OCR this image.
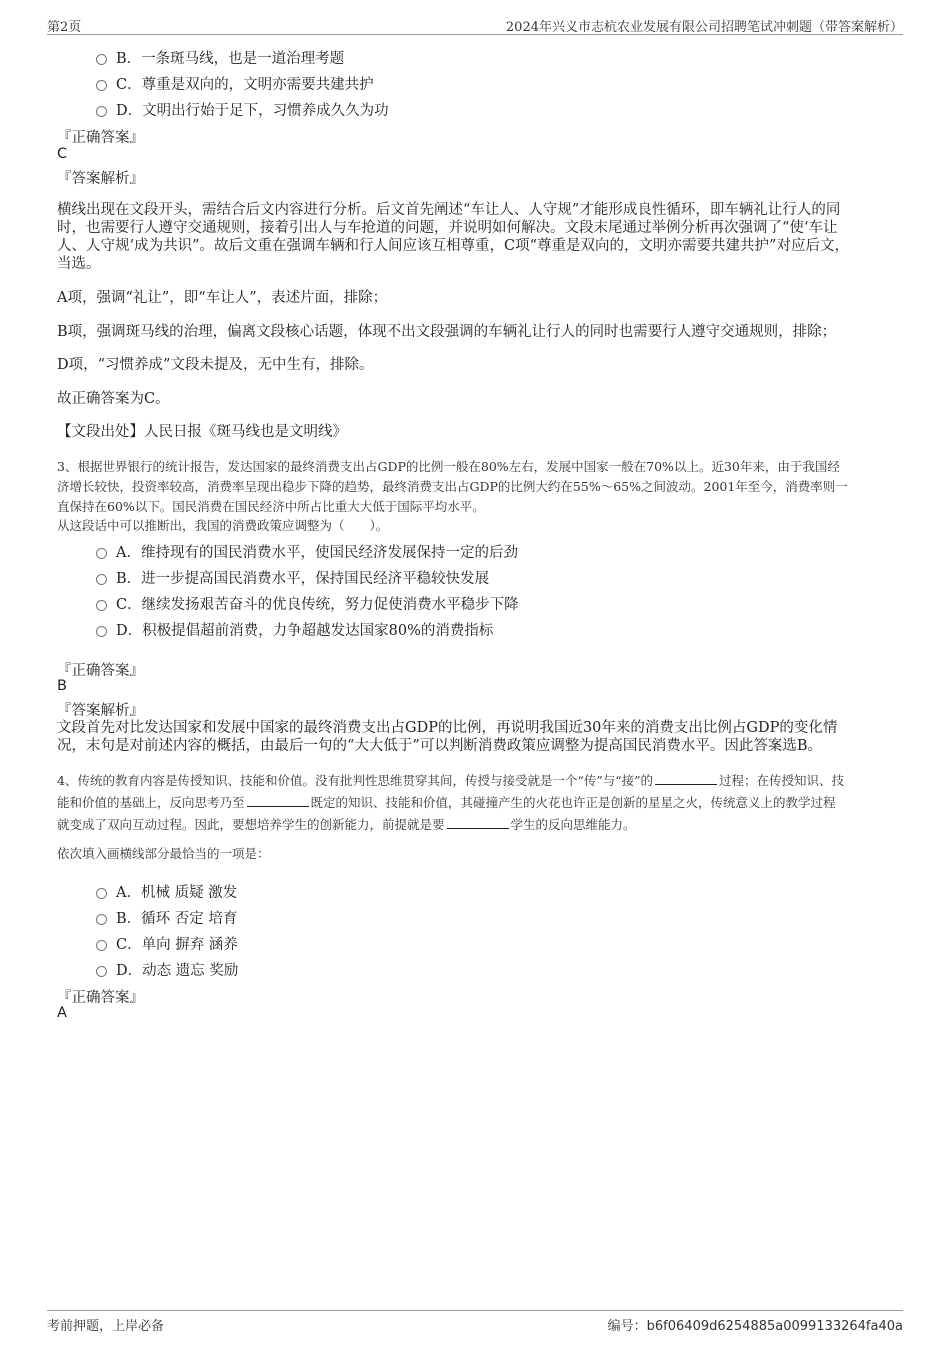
第2页	2024年兴义市志杭农业发展有限公司招聘笔试冲刺题（带答案解析）
B．一条斑马线，也是一道治理考题
C．尊重是双向的，文明亦需要共建共护
D．文明出行始于足下，习惯养成久久为功
『正确答案』
C
『答案解析』
横线出现在文段开头，需结合后文内容进行分析。后文首先阐述“车让人、人守规”才能形成良性循环，即车辆礼让行人的同
时，也需要行人遵守交通规则，接着引出人与车抢道的问题，并说明如何解决。文段末尾通过举例分析再次强调了“使‘车让
人、人守规’成为共识”。故后文重在强调车辆和行人间应该互相尊重，C项“尊重是双向的，文明亦需要共建共护”对应后文，
当选。
A项，强调“礼让”，即“车让人”，表述片面，排除；
B项，强调斑马线的治理，偏离文段核心话题，体现不出文段强调的车辆礼让行人的同时也需要行人遵守交通规则，排除；
D项，“习惯养成”文段未提及，无中生有，排除。
故正确答案为C。
【文段出处】人民日报《斑马线也是文明线》
3、根据世界银行的统计报告，发达国家的最终消费支出占GDP的比例一般在80%左右，发展中国家一般在70%以上。近30年来，由于我国经
济增长较快，投资率较高，消费率呈现出稳步下降的趋势，最终消费支出占GDP的比例大约在55%～65%之间波动。2001年至今，消费率则一
直保持在60%以下。国民消费在国民经济中所占比重大大低于国际平均水平。
从这段话中可以推断出，我国的消费政策应调整为（　　）。
A．维持现有的国民消费水平，使国民经济发展保持一定的后劲
B．进一步提高国民消费水平，保持国民经济平稳较快发展
C．继续发扬艰苦奋斗的优良传统，努力促使消费水平稳步下降
D．积极提倡超前消费，力争超越发达国家80%的消费指标
『正确答案』
B
『答案解析』
文段首先对比发达国家和发展中国家的最终消费支出占GDP的比例，再说明我国近30年来的消费支出比例占GDP的变化情
况，末句是对前述内容的概括，由最后一句的“大大低于”可以判断消费政策应调整为提高国民消费水平。因此答案选B。
4、传统的教育内容是传授知识、技能和价值。没有批判性思维贯穿其间，传授与接受就是一个“传”与“接”的	过程；在传授知识、技
能和价值的基础上，反向思考乃至	既定的知识、技能和价值，其碰撞产生的火花也许正是创新的星星之火，传统意义上的教学过程
就变成了双向互动过程。因此，要想培养学生的创新能力，前提就是要	学生的反向思维能力。
依次填入画横线部分最恰当的一项是：
A．机械 质疑 激发
B．循环 否定 培育
C．单向 摒弃 涵养
D．动态 遗忘 奖励
『正确答案』
A
考前押题，上岸必备	编号：b6f06409d6254885a0099133264fa40a
